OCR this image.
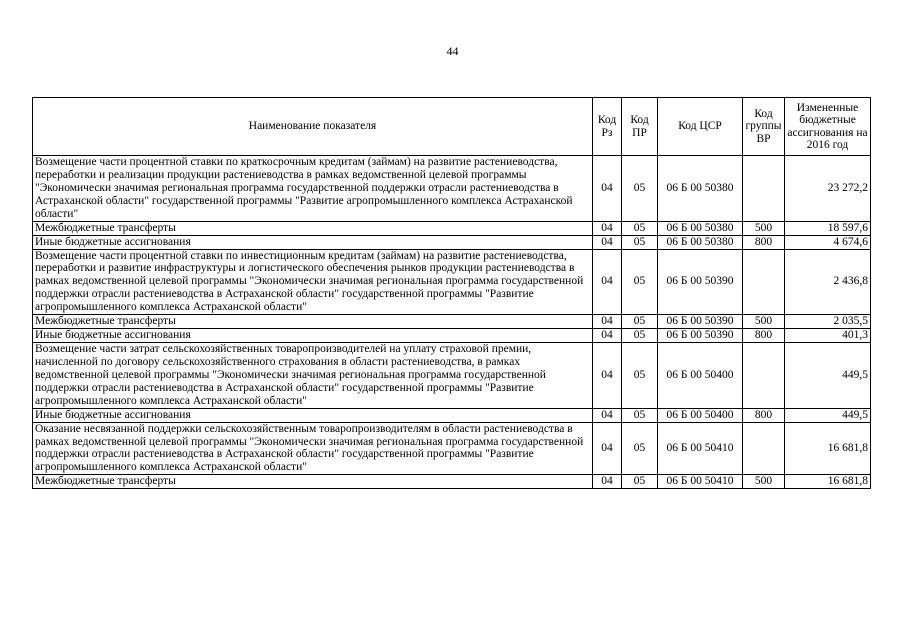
44
Наименование показателя	Код Рз	Код ПР	Код ЦСР	Код группы ВР	Измененные бюджетные ассигнования на 2016 год
Возмещение части процентной ставки по краткосрочным кредитам (займам) на развитие растениеводства, переработки и реализации продукции растениеводства в рамках ведомственной целевой программы "Экономически значимая региональная программа государственной поддержки отрасли растениеводства в Астраханской области" государственной программы "Развитие агропромышленного комплекса Астраханской области"	04	05	06 Б 00 50380		23 272,2
Межбюджетные трансферты	04	05	06 Б 00 50380	500	18 597,6
Иные бюджетные ассигнования	04	05	06 Б 00 50380	800	4 674,6
Возмещение части процентной ставки по инвестиционным кредитам (займам) на развитие растениеводства, переработки и развитие инфраструктуры и логистического обеспечения рынков продукции растениеводства в рамках ведомственной целевой программы "Экономически значимая региональная программа государственной поддержки отрасли растениеводства в Астраханской области" государственной программы "Развитие агропромышленного комплекса Астраханской области"	04	05	06 Б 00 50390		2 436,8
Межбюджетные трансферты	04	05	06 Б 00 50390	500	2 035,5
Иные бюджетные ассигнования	04	05	06 Б 00 50390	800	401,3
Возмещение части затрат сельскохозяйственных товаропроизводителей на уплату страховой премии, начисленной по договору сельскохозяйственного страхования в области растениеводства, в рамках ведомственной целевой программы "Экономически значимая региональная программа государственной поддержки отрасли растениеводства в Астраханской области" государственной программы "Развитие агропромышленного комплекса Астраханской области"	04	05	06 Б 00 50400		449,5
Иные бюджетные ассигнования	04	05	06 Б 00 50400	800	449,5
Оказание несвязанной поддержки сельскохозяйственным товаропроизводителям в области растениеводства в рамках ведомственной целевой программы "Экономически значимая региональная программа государственной поддержки отрасли растениеводства в Астраханской области" государственной программы "Развитие агропромышленного комплекса Астраханской области"	04	05	06 Б 00 50410		16 681,8
Межбюджетные трансферты	04	05	06 Б 00 50410	500	16 681,8
